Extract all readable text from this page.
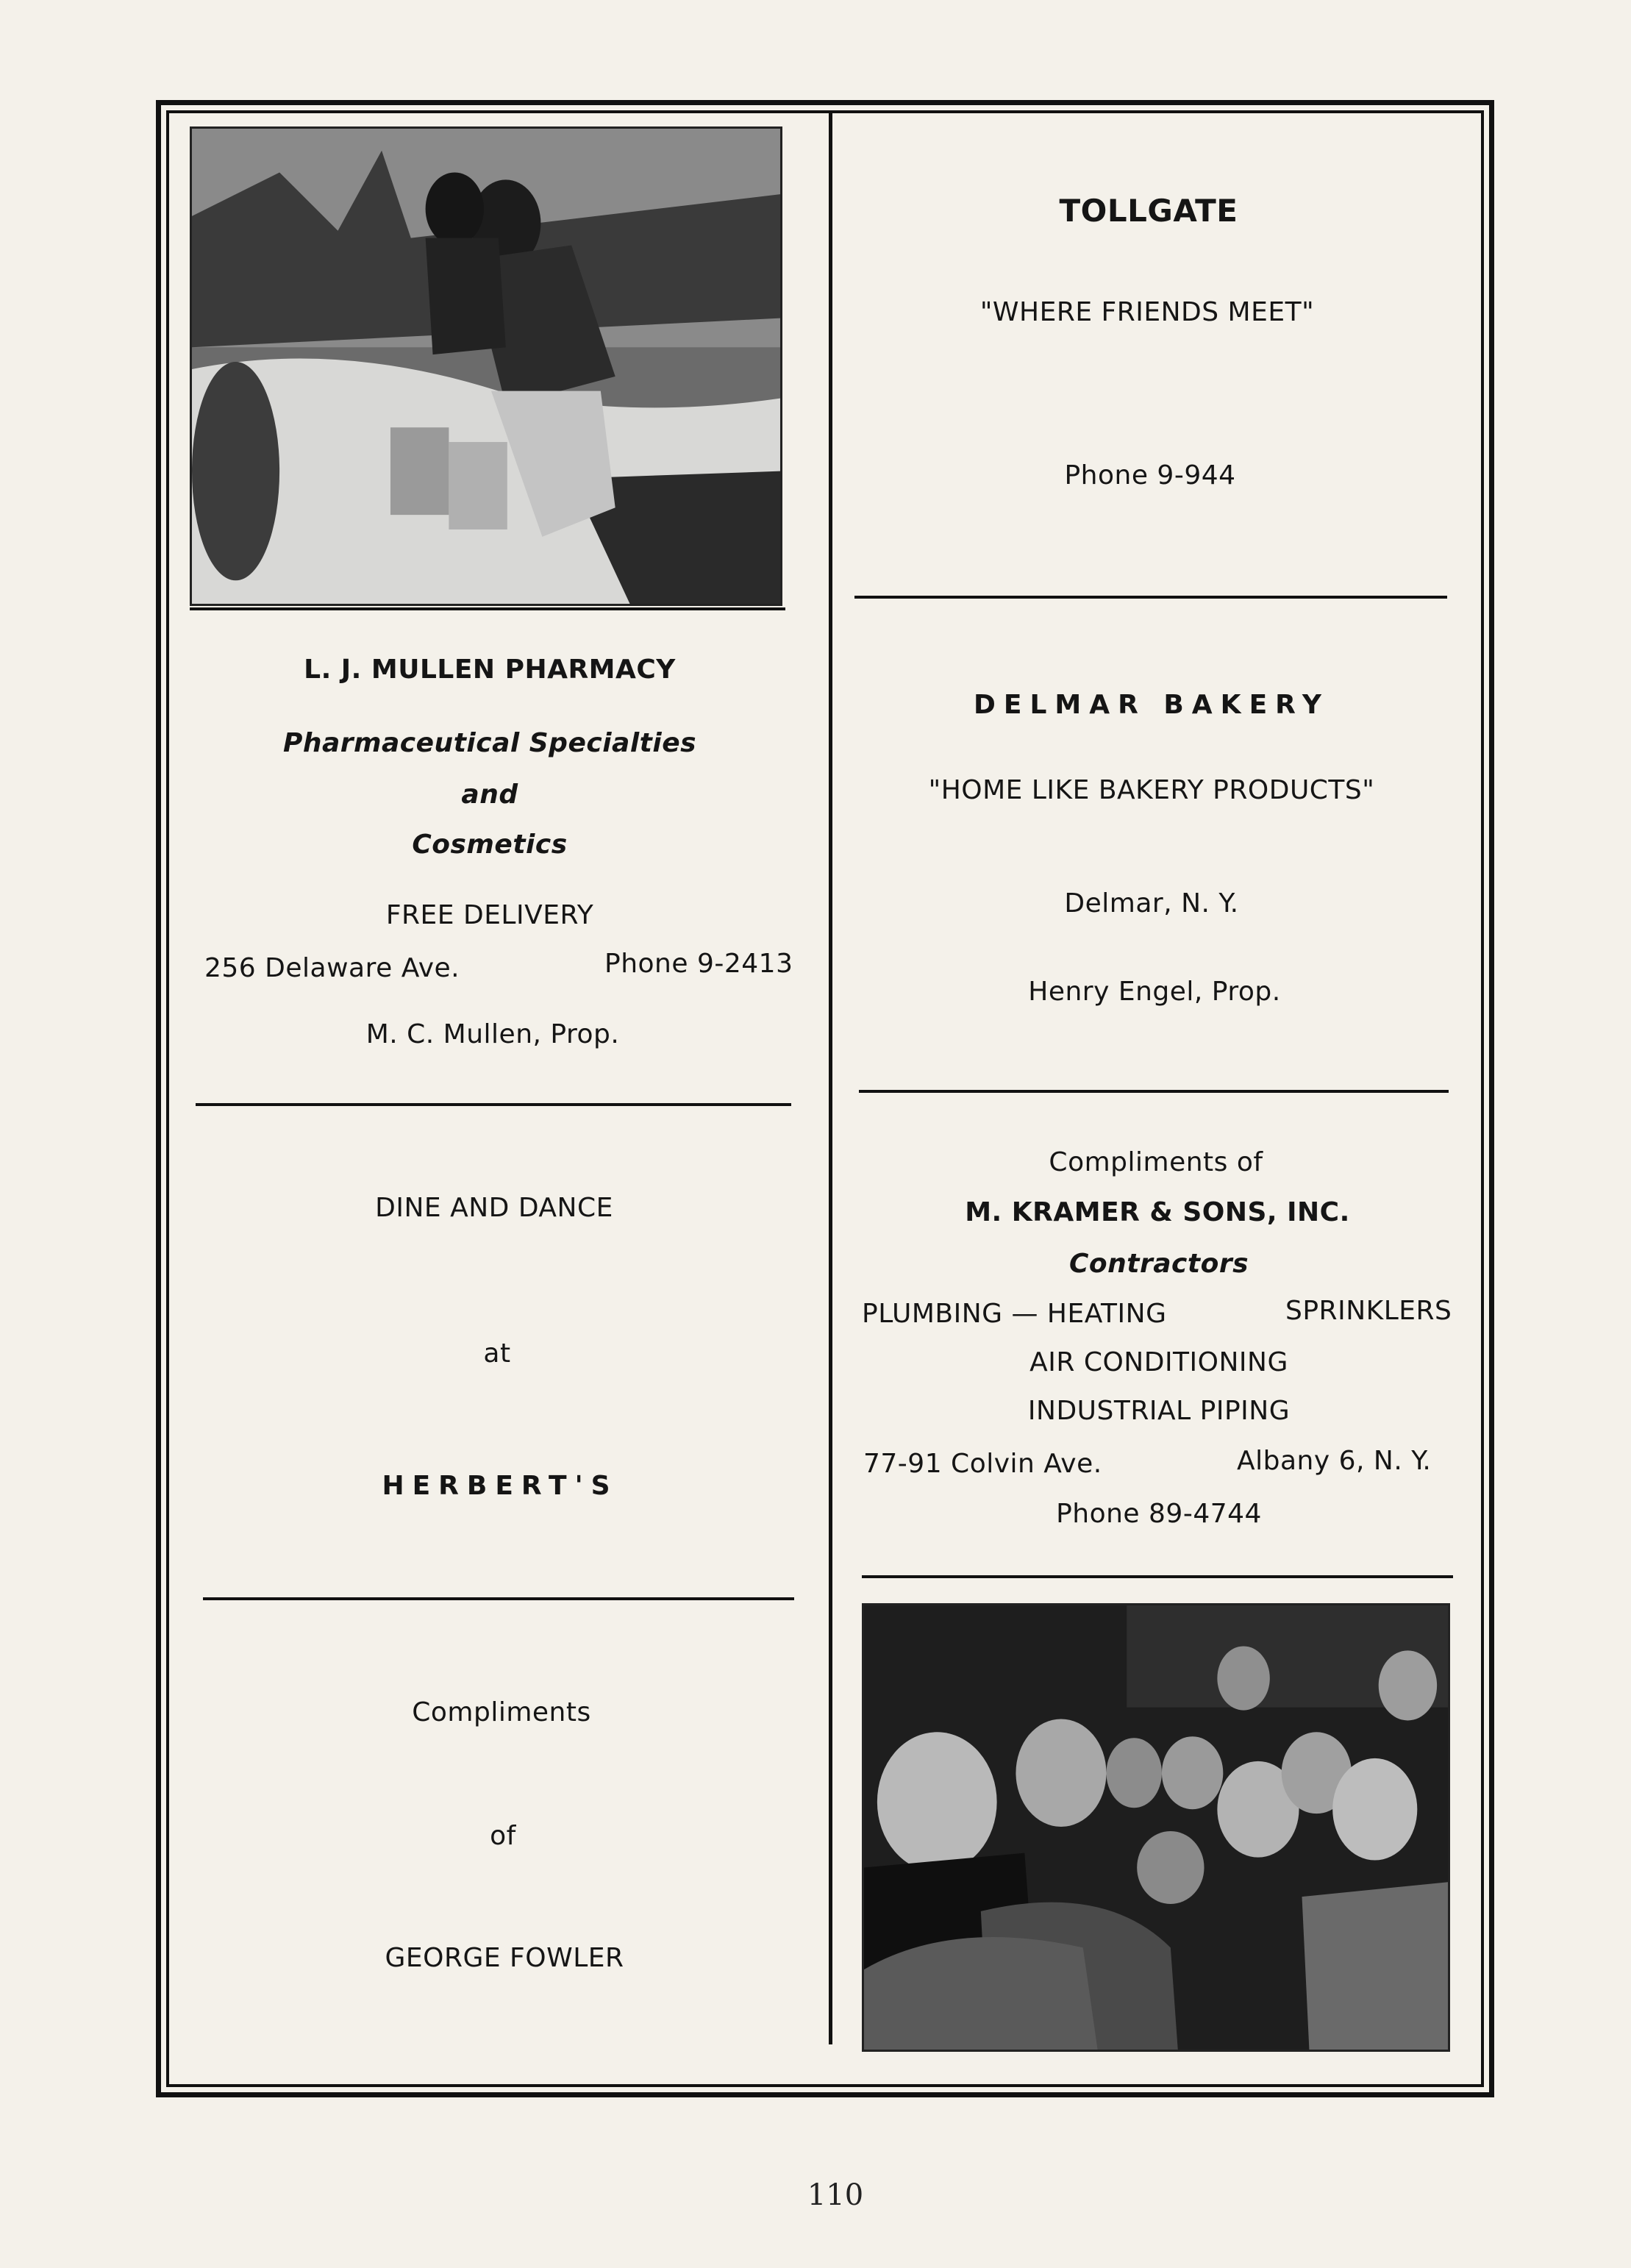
L. J. MULLEN PHARMACY
Pharmaceutical Specialties
and
Cosmetics
FREE DELIVERY
256 Delaware Ave.	Phone 9-2413
M. C. Mullen, Prop.
DINE AND DANCE
at
HERBERT'S
Compliments
of
GEORGE FOWLER
TOLLGATE
"WHERE FRIENDS MEET"
Phone 9-944
DELMAR BAKERY
"HOME LIKE BAKERY PRODUCTS"
Delmar, N. Y.
Henry Engel, Prop.
Compliments of
M. KRAMER & SONS, INC.
Contractors
PLUMBING — HEATING	SPRINKLERS
AIR CONDITIONING
INDUSTRIAL PIPING
77-91 Colvin Ave.	Albany 6, N. Y.
Phone 89-4744
110
